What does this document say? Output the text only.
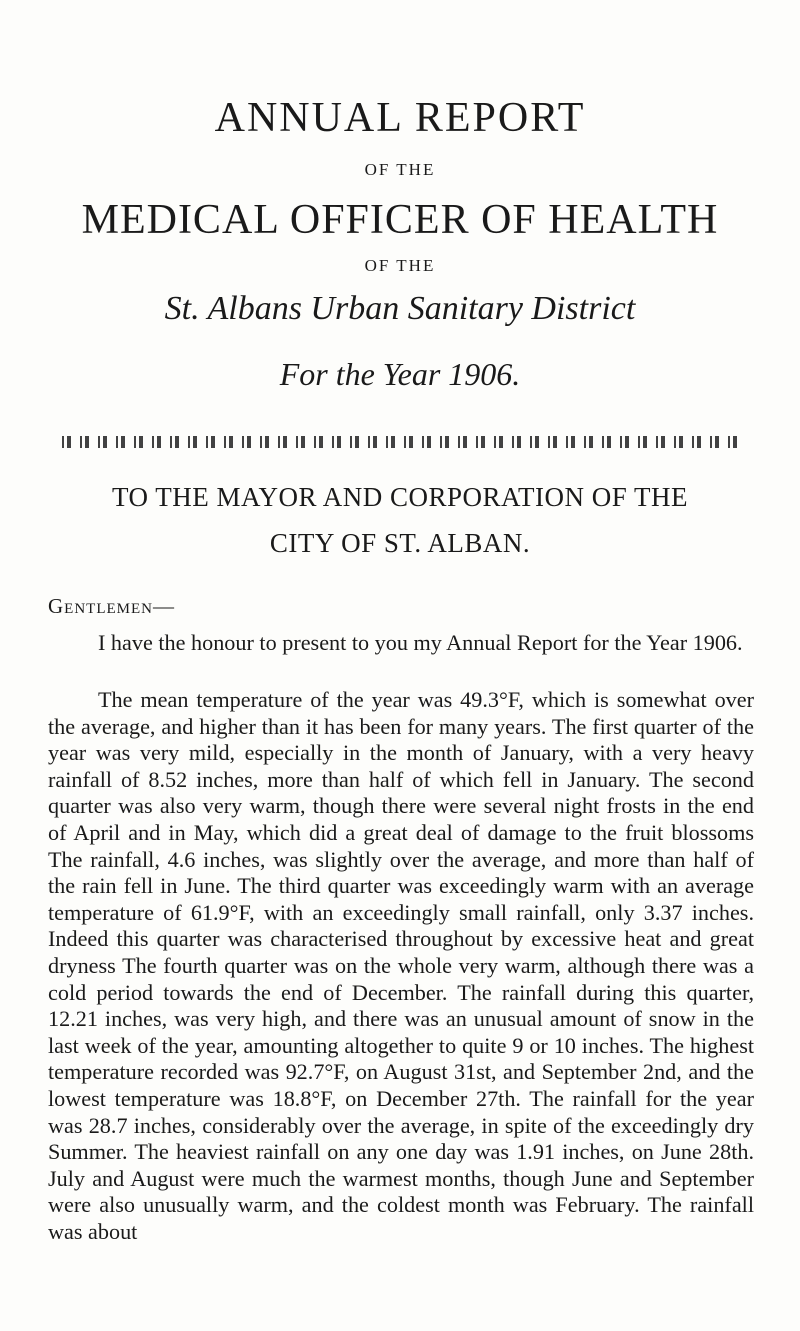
ANNUAL REPORT
OF THE
MEDICAL OFFICER OF HEALTH
OF THE
St. Albans Urban Sanitary District
For the Year 1906.
TO THE MAYOR AND CORPORATION OF THE
CITY OF ST. ALBAN.
Gentlemen—
I have the honour to present to you my Annual Report for the Year 1906.
The mean temperature of the year was 49.3°F, which is somewhat over the average, and higher than it has been for many years. The first quarter of the year was very mild, especially in the month of January, with a very heavy rainfall of 8.52 inches, more than half of which fell in January. The second quarter was also very warm, though there were several night frosts in the end of April and in May, which did a great deal of damage to the fruit blossoms The rainfall, 4.6 inches, was slightly over the average, and more than half of the rain fell in June. The third quarter was exceedingly warm with an average temperature of 61.9°F, with an exceedingly small rainfall, only 3.37 inches. Indeed this quarter was characterised throughout by excessive heat and great dryness The fourth quarter was on the whole very warm, although there was a cold period towards the end of December. The rainfall during this quarter, 12.21 inches, was very high, and there was an unusual amount of snow in the last week of the year, amounting altogether to quite 9 or 10 inches. The highest temperature recorded was 92.7°F, on August 31st, and September 2nd, and the lowest temperature was 18.8°F, on December 27th. The rainfall for the year was 28.7 inches, considerably over the average, in spite of the exceedingly dry Summer. The heaviest rainfall on any one day was 1.91 inches, on June 28th. July and August were much the warmest months, though June and September were also unusually warm, and the coldest month was February. The rainfall was about
